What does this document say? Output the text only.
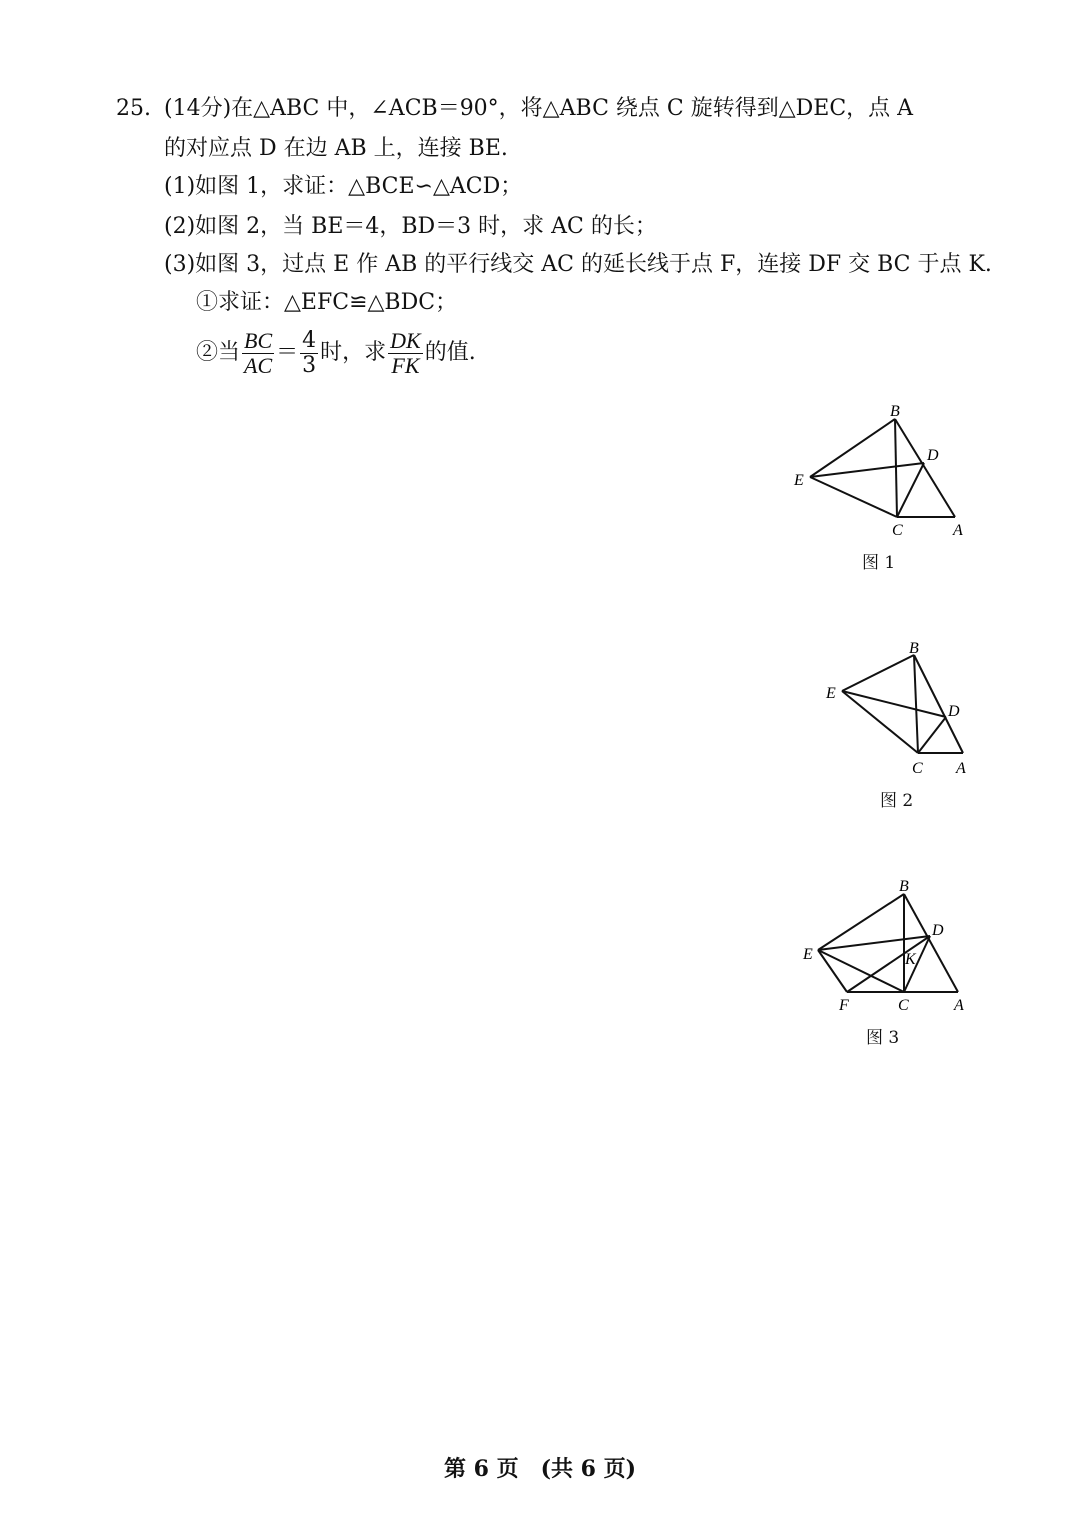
25. (14分)在△ABC 中，∠ACB＝90°，将△ABC 绕点 C 旋转得到△DEC，点 A
的对应点 D 在边 AB 上，连接 BE.
(1)如图 1，求证：△BCE∽△ACD；
(2)如图 2，当 BE＝4，BD＝3 时，求 AC 的长；
(3)如图 3，过点 E 作 AB 的平行线交 AC 的延长线于点 F，连接 DF 交 BC 于点 K.
①求证：△EFC≌△BDC；
②当 $\frac{BC}{AC} = \frac{4}{3}$ 时，求 $\frac{DK}{FK}$ 的值.
B
D
E
C	A
图 1
B
D
E
C A
图 2
B
D
E	K
F	C	A
图 3
第 6 页　(共 6 页)
